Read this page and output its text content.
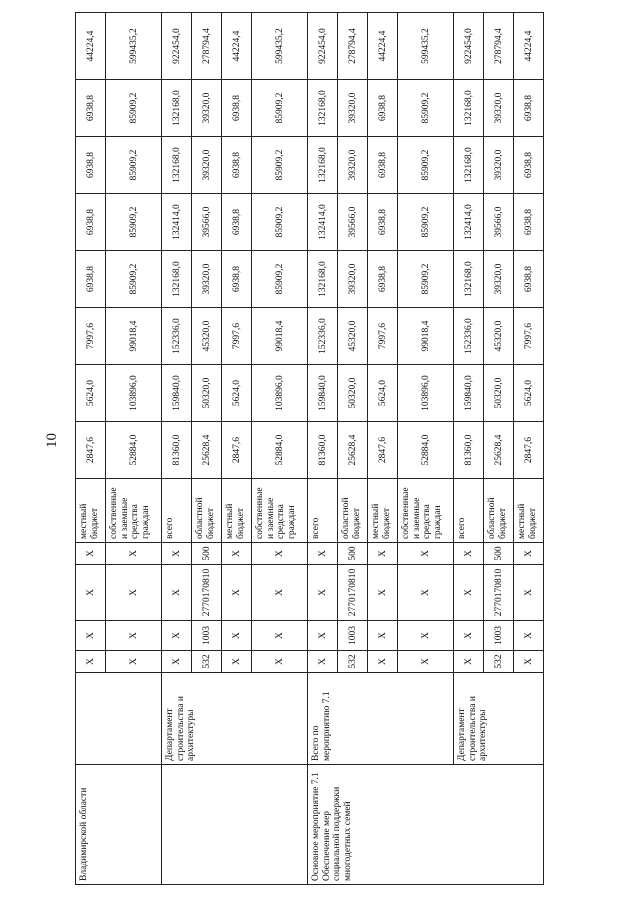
10
Владимирской области		X	X	X	X	местный бюджет	2847,6	5624,0	7997,6	6938,8	6938,8	6938,8	6938,8	44224,4
		X	X	X	X	собственные и заемные средства граждан	52884,0	103896,0	99018,4	85909,2	85909,2	85909,2	85909,2	599435,2
	Департамент строительства и архитектуры	X	X	X	X	всего	81360,0	159840,0	152336,0	132168,0	132414,0	132168,0	132168,0	922454,0
		532	1003	2770170810	500	областной бюджет	25628,4	50320,0	45320,0	39320,0	39566,0	39320,0	39320,0	278794,4
		X	X	X	X	местный бюджет	2847,6	5624,0	7997,6	6938,8	6938,8	6938,8	6938,8	44224,4
		X	X	X	X	собственные и заемные средства граждан	52884,0	103896,0	99018,4	85909,2	85909,2	85909,2	85909,2	599435,2
Основное мероприятие 7.1 Обеспечение мер социальной поддержки многодетных семей	Всего по мероприятию 7.1	X	X	X	X	всего	81360,0	159840,0	152336,0	132168,0	132414,0	132168,0	132168,0	922454,0
		532	1003	2770170810	500	областной бюджет	25628,4	50320,0	45320,0	39320,0	39566,0	39320,0	39320,0	278794,4
		X	X	X	X	местный бюджет	2847,6	5624,0	7997,6	6938,8	6938,8	6938,8	6938,8	44224,4
		X	X	X	X	собственные и заемные средства граждан	52884,0	103896,0	99018,4	85909,2	85909,2	85909,2	85909,2	599435,2
	Департамент строительства и архитектуры	X	X	X	X	всего	81360,0	159840,0	152336,0	132168,0	132414,0	132168,0	132168,0	922454,0
		532	1003	2770170810	500	областной бюджет	25628,4	50320,0	45320,0	39320,0	39566,0	39320,0	39320,0	278794,4
		X	X	X	X	местный бюджет	2847,6	5624,0	7997,6	6938,8	6938,8	6938,8	6938,8	44224,4
